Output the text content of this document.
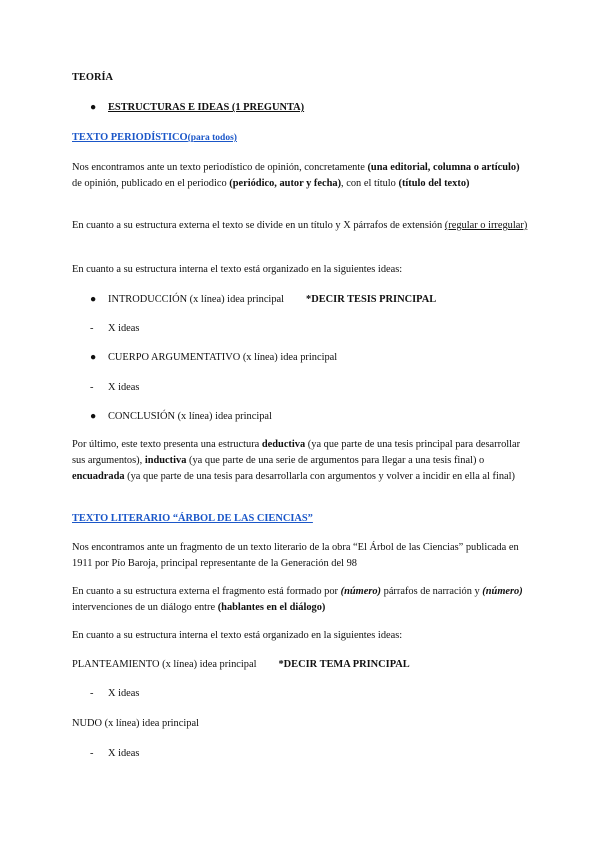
TEORÍA

●	ESTRUCTURAS E IDEAS (1 PREGUNTA)

TEXTO PERIODÍSTICO(para todos)

Nos encontramos ante un texto periodístico de opinión, concretamente (una editorial, columna o artículo) de opinión, publicado en el periodico (periódico, autor y fecha), con el título (título del texto)

En cuanto a su estructura externa el texto se divide en un título y X párrafos de extensión (regular o irregular)

En cuanto a su estructura interna el texto está organizado en la siguientes ideas:

●	INTRODUCCIÓN (x línea) idea principal *DECIR TESIS PRINCIPAL
-	X ideas
●	CUERPO ARGUMENTATIVO (x línea) idea principal
-	X ideas
●	CONCLUSIÓN (x línea) idea principal

Por último, este texto presenta una estructura deductiva (ya que parte de una tesis principal para desarrollar sus argumentos), inductiva (ya que parte de una serie de argumentos para llegar a una tesis final) o encuadrada (ya que parte de una tesis para desarrollarla con argumentos y volver a incidir en ella al final)

TEXTO LITERARIO “ÁRBOL DE LAS CIENCIAS”

Nos encontramos ante un fragmento de un texto literario de la obra “El Árbol de las Ciencias” publicada en 1911 por Pío Baroja, principal representante de la Generación del 98

En cuanto a su estructura externa el fragmento está formado por (número) párrafos de narración y (número) intervenciones de un diálogo entre (hablantes en el diálogo)

En cuanto a su estructura interna el texto está organizado en la siguientes ideas:

PLANTEAMIENTO (x línea) idea principal *DECIR TEMA PRINCIPAL

-	X ideas

NUDO (x línea) idea principal

-	X ideas
